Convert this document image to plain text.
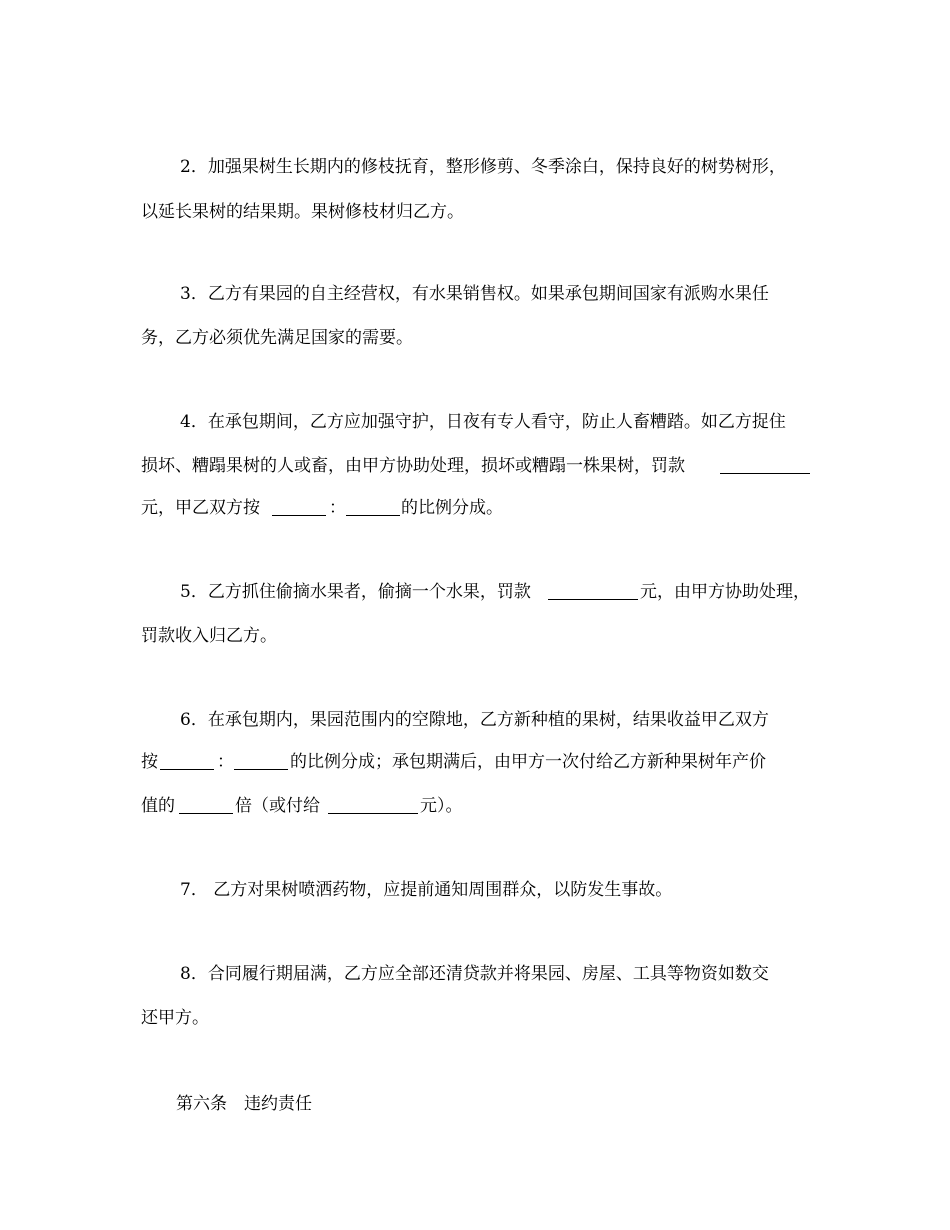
2．加强果树生长期内的修枝抚育，整形修剪、冬季涂白，保持良好的树势树形，
以延长果树的结果期。果树修枝材归乙方。
3．乙方有果园的自主经营权，有水果销售权。如果承包期间国家有派购水果任
务，乙方必须优先满足国家的需要。
4．在承包期间，乙方应加强守护，日夜有专人看守，防止人畜糟踏。如乙方捉住
损坏、糟蹋果树的人或畜，由甲方协助处理，损坏或糟蹋一株果树，罚款
元，甲乙双方按	：	的比例分成。
5．乙方抓住偷摘水果者，偷摘一个水果，罚款	元，由甲方协助处理，
罚款收入归乙方。
6．在承包期内，果园范围内的空隙地，乙方新种植的果树，结果收益甲乙双方
按	：	的比例分成；承包期满后，由甲方一次付给乙方新种果树年产价
值的	倍（或付给	元）。
7． 乙方对果树喷洒药物，应提前通知周围群众，以防发生事故。
8．合同履行期届满，乙方应全部还清贷款并将果园、房屋、工具等物资如数交
还甲方。
第六条　违约责任
